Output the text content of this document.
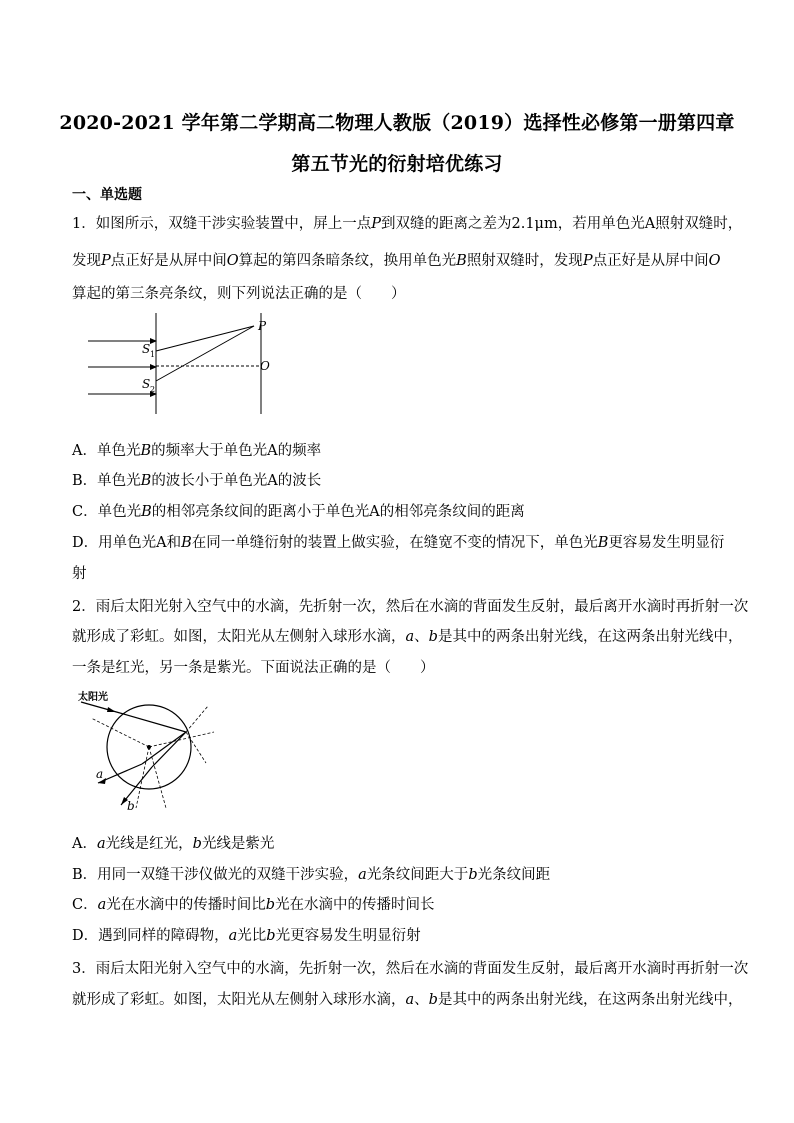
2020-2021 学年第二学期高二物理人教版（2019）选择性必修第一册第四章
第五节光的衍射培优练习
一、单选题
1．如图所示，双缝干涉实验装置中，屏上一点P到双缝的距离之差为2.1μm，若用单色光A照射双缝时，
发现P点正好是从屏中间O算起的第四条暗条纹，换用单色光B照射双缝时，发现P点正好是从屏中间O
算起的第三条亮条纹，则下列说法正确的是（　　）
S 1
S 2
P
O
A．单色光B的频率大于单色光A的频率
B．单色光B的波长小于单色光A的波长
C．单色光B的相邻亮条纹间的距离小于单色光A的相邻亮条纹间的距离
D．用单色光A和B在同一单缝衍射的装置上做实验，在缝宽不变的情况下，单色光B更容易发生明显衍
射
2．雨后太阳光射入空气中的水滴，先折射一次，然后在水滴的背面发生反射，最后离开水滴时再折射一次
就形成了彩虹。如图，太阳光从左侧射入球形水滴，a、b是其中的两条出射光线，在这两条出射光线中，
一条是红光，另一条是紫光。下面说法正确的是（　　）
太阳光
a
b
A．a光线是红光，b光线是紫光
B．用同一双缝干涉仪做光的双缝干涉实验，a光条纹间距大于b光条纹间距
C．a光在水滴中的传播时间比b光在水滴中的传播时间长
D．遇到同样的障碍物，a光比b光更容易发生明显衍射
3．雨后太阳光射入空气中的水滴，先折射一次，然后在水滴的背面发生反射，最后离开水滴时再折射一次
就形成了彩虹。如图，太阳光从左侧射入球形水滴，a、b是其中的两条出射光线，在这两条出射光线中，
